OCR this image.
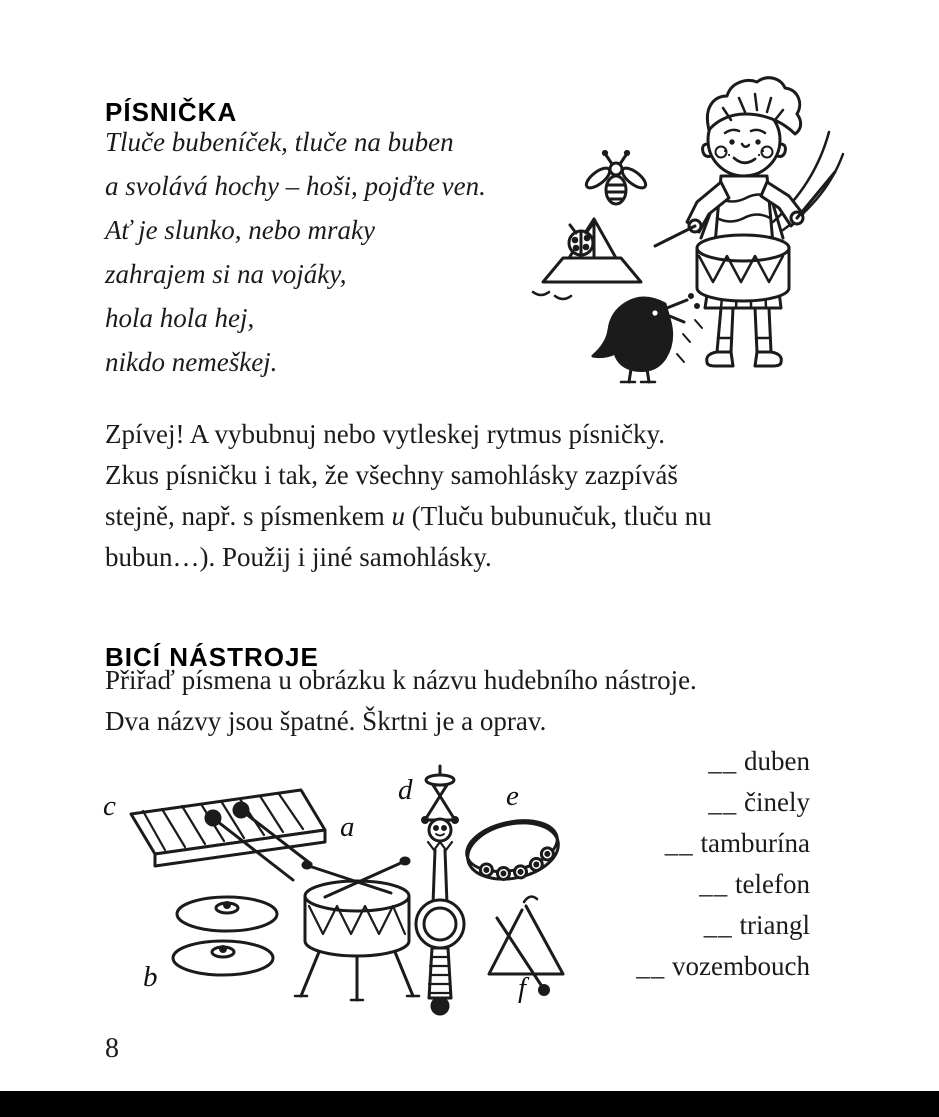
PÍSNIČKA
Tluče bubeníček, tluče na buben
a svolává hochy – hoši, pojďte ven.
Ať je slunko, nebo mraky
zahrajem si na vojáky,
hola hola hej,
nikdo nemeškej.
Zpívej! A vybubnuj nebo vytleskej rytmus písničky.
Zkus písničku i tak, že všechny samohlásky zazpíváš
stejně, např. s písmenkem u (Tluču bubunučuk, tluču nu
bubun…). Použij i jiné samohlásky.
BICÍ NÁSTROJE
Přiřaď písmena u obrázku k názvu hudebního nástroje.
Dva názvy jsou špatné. Škrtni je a oprav.
__ duben
__ činely
__ tamburína
__ telefon
__ triangl
__ vozembouch
c
a
d	e
b	f
8
